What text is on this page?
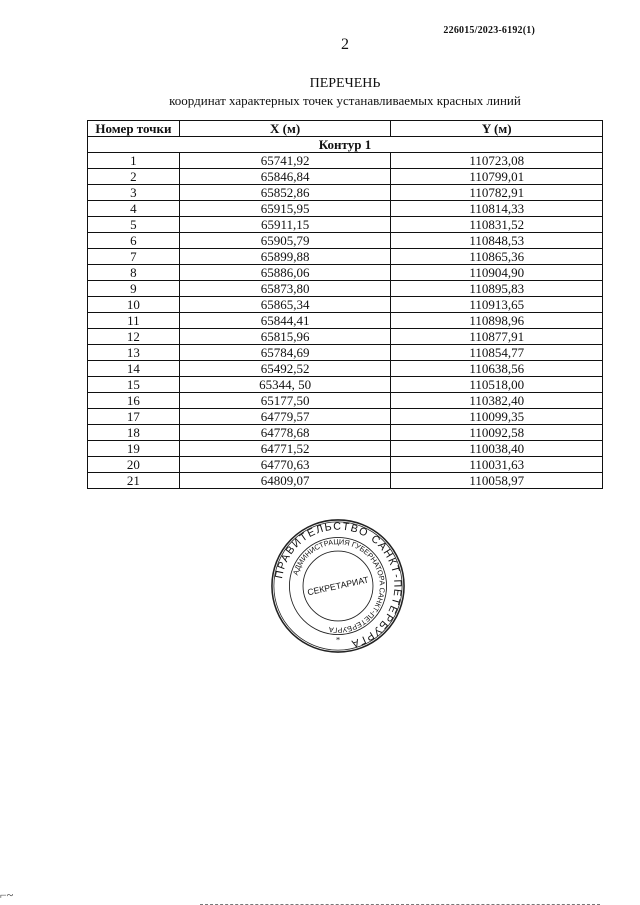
226015/2023-6192(1)
2
ПЕРЕЧЕНЬ
координат характерных точек устанавливаемых красных линий
Номер точки	X (м)	Y (м)
Контур 1		
1	65741,92	110723,08
2	65846,84	110799,01
3	65852,86	110782,91
4	65915,95	110814,33
5	65911,15	110831,52
6	65905,79	110848,53
7	65899,88	110865,36
8	65886,06	110904,90
9	65873,80	110895,83
10	65865,34	110913,65
11	65844,41	110898,96
12	65815,96	110877,91
13	65784,69	110854,77
14	65492,52	110638,56
15	65344, 50	110518,00
16	65177,50	110382,40
17	64779,57	110099,35
18	64778,68	110092,58
19	64771,52	110038,40
20	64770,63	110031,63
21	64809,07	110058,97
ПРАВИТЕЛЬСТВО САНКТ-ПЕТЕРБУРГА
АДМИНИСТРАЦИЯ ГУБЕРНАТОРА САНКТ-ПЕТЕРБУРГА
СЕКРЕТАРИАТ
*
⌐~
